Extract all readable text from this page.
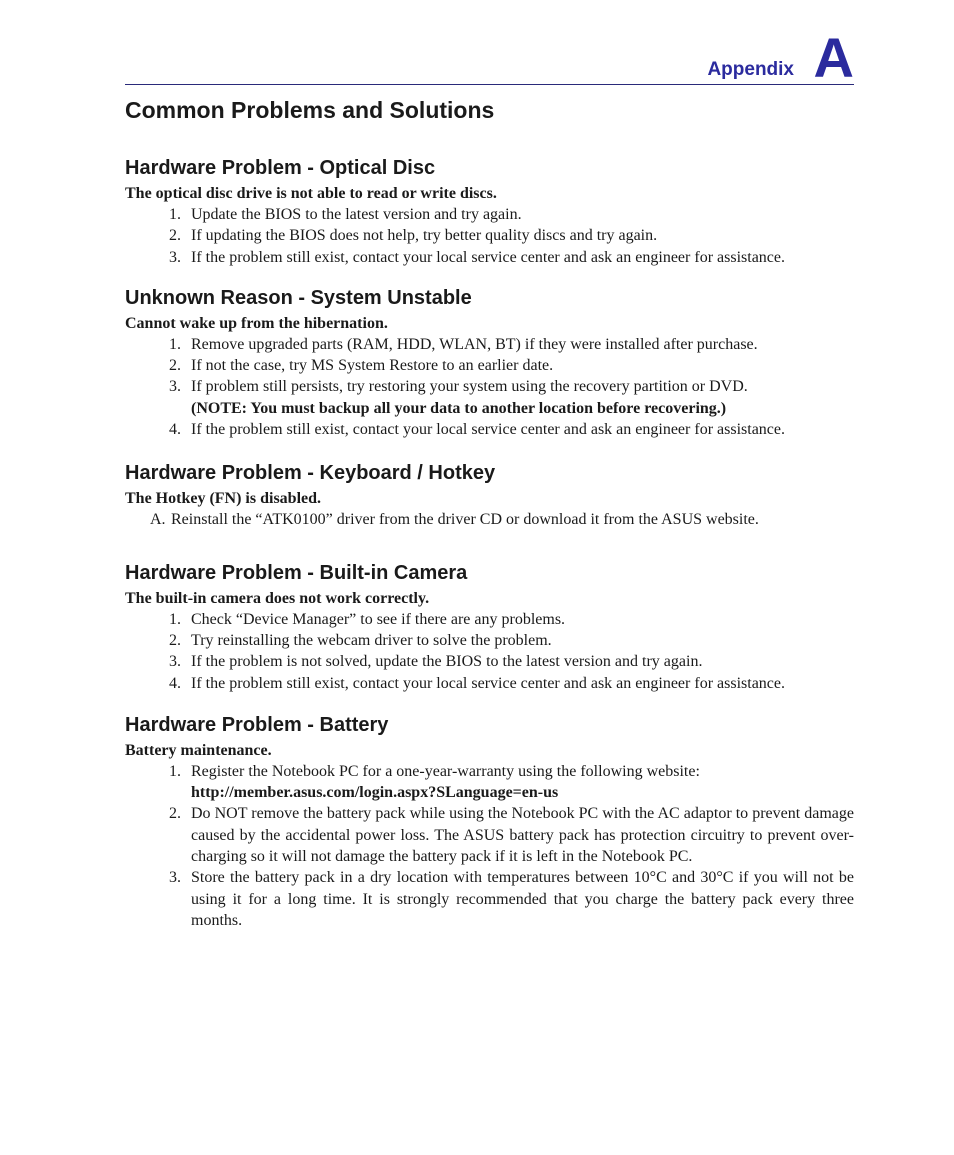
Appendix A
Common Problems and Solutions
Hardware Problem - Optical Disc

The optical disc drive is not able to read or write discs.

1. Update the BIOS to the latest version and try again.
2. If updating the BIOS does not help, try better quality discs and try again.
3. If the problem still exist, contact your local service center and ask an engineer for assistance.
Unknown Reason - System Unstable

Cannot wake up from the hibernation.

1. Remove upgraded parts (RAM, HDD, WLAN, BT) if they were installed after purchase.
2. If not the case, try MS System Restore to an earlier date.
3. If problem still persists, try restoring your system using the recovery partition or DVD.
(NOTE: You must backup all your data to another location before recovering.)
4. If the problem still exist, contact your local service center and ask an engineer for assistance.
Hardware Problem - Keyboard / Hotkey

The Hotkey (FN) is disabled.

A. Reinstall the “ATK0100” driver from the driver CD or download it from the ASUS website.
Hardware Problem - Built-in Camera

The built-in camera does not work correctly.

1. Check “Device Manager” to see if there are any problems.
2. Try reinstalling the webcam driver to solve the problem.
3. If the problem is not solved, update the BIOS to the latest version and try again.
4. If the problem still exist, contact your local service center and ask an engineer for assistance.
Hardware Problem - Battery

Battery maintenance.

1. Register the Notebook PC for a one-year-warranty using the following website:
http://member.asus.com/login.aspx?SLanguage=en-us
2. Do NOT remove the battery pack while using the Notebook PC with the AC adaptor to prevent damage caused by the accidental power loss. The ASUS battery pack has protection circuitry to prevent over-charging so it will not damage the battery pack if it is left in the Notebook PC.
3. Store the battery pack in a dry location with temperatures between 10°C and 30°C if you will not be using it for a long time. It is strongly recommended that you charge the battery pack every three months.
